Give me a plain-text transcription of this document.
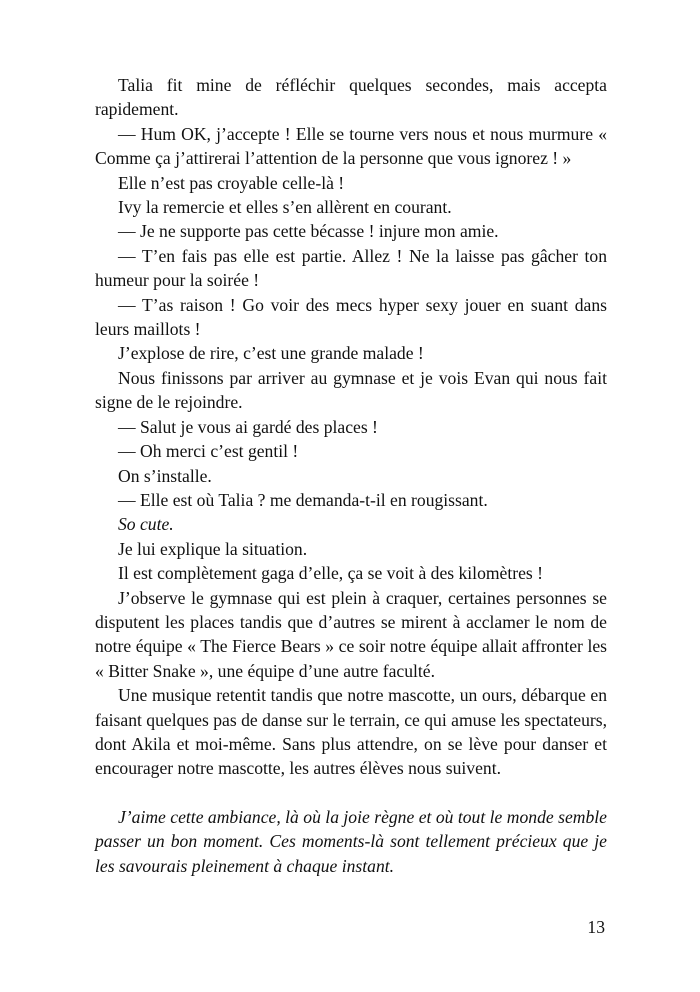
Talia fit mine de réfléchir quelques secondes, mais accepta rapidement.

— Hum OK, j’accepte ! Elle se tourne vers nous et nous murmure « Comme ça j’attirerai l’attention de la personne que vous ignorez ! »

Elle n’est pas croyable celle-là !

Ivy la remercie et elles s’en allèrent en courant.

— Je ne supporte pas cette bécasse ! injure mon amie.

— T’en fais pas elle est partie. Allez ! Ne la laisse pas gâcher ton humeur pour la soirée !

— T’as raison ! Go voir des mecs hyper sexy jouer en suant dans leurs maillots !

J’explose de rire, c’est une grande malade !

Nous finissons par arriver au gymnase et je vois Evan qui nous fait signe de le rejoindre.

— Salut je vous ai gardé des places !

— Oh merci c’est gentil !

On s’installe.

— Elle est où Talia ? me demanda-t-il en rougissant.

So cute.

Je lui explique la situation.

Il est complètement gaga d’elle, ça se voit à des kilomètres !

J’observe le gymnase qui est plein à craquer, certaines personnes se disputent les places tandis que d’autres se mirent à acclamer le nom de notre équipe « The Fierce Bears » ce soir notre équipe allait affronter les « Bitter Snake », une équipe d’une autre faculté.

Une musique retentit tandis que notre mascotte, un ours, débarque en faisant quelques pas de danse sur le terrain, ce qui amuse les spectateurs, dont Akila et moi-même. Sans plus attendre, on se lève pour danser et encourager notre mascotte, les autres élèves nous suivent.

J’aime cette ambiance, là où la joie règne et où tout le monde semble passer un bon moment. Ces moments-là sont tellement précieux que je les savourais pleinement à chaque instant.

13
